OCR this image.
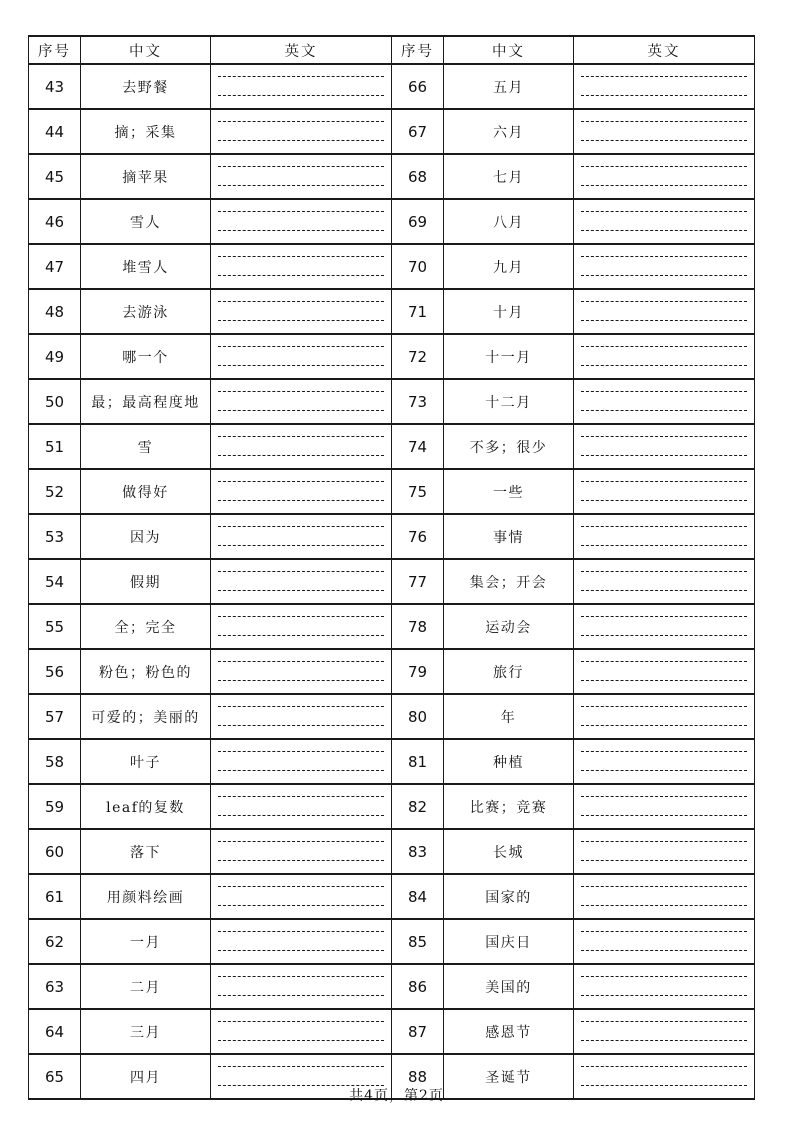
序号	中文	英文	序号	中文	英文
43	去野餐		66	五月	

44	摘；采集		67	六月	

45	摘苹果		68	七月	

46	雪人		69	八月	

47	堆雪人		70	九月	

48	去游泳		71	十月	

49	哪一个		72	十一月	

50	最；最高程度地		73	十二月	

51	雪		74	不多；很少	

52	做得好		75	一些	

53	因为		76	事情	

54	假期		77	集会；开会	

55	全；完全		78	运动会	

56	粉色；粉色的		79	旅行	

57	可爱的；美丽的		80	年	

58	叶子		81	种植	

59	leaf的复数		82	比赛；竞赛	

60	落下		83	长城	

61	用颜料绘画		84	国家的	

62	一月		85	国庆日	

63	二月		86	美国的	

64	三月		87	感恩节	

65	四月		88	圣诞节	
共4页，第2页
